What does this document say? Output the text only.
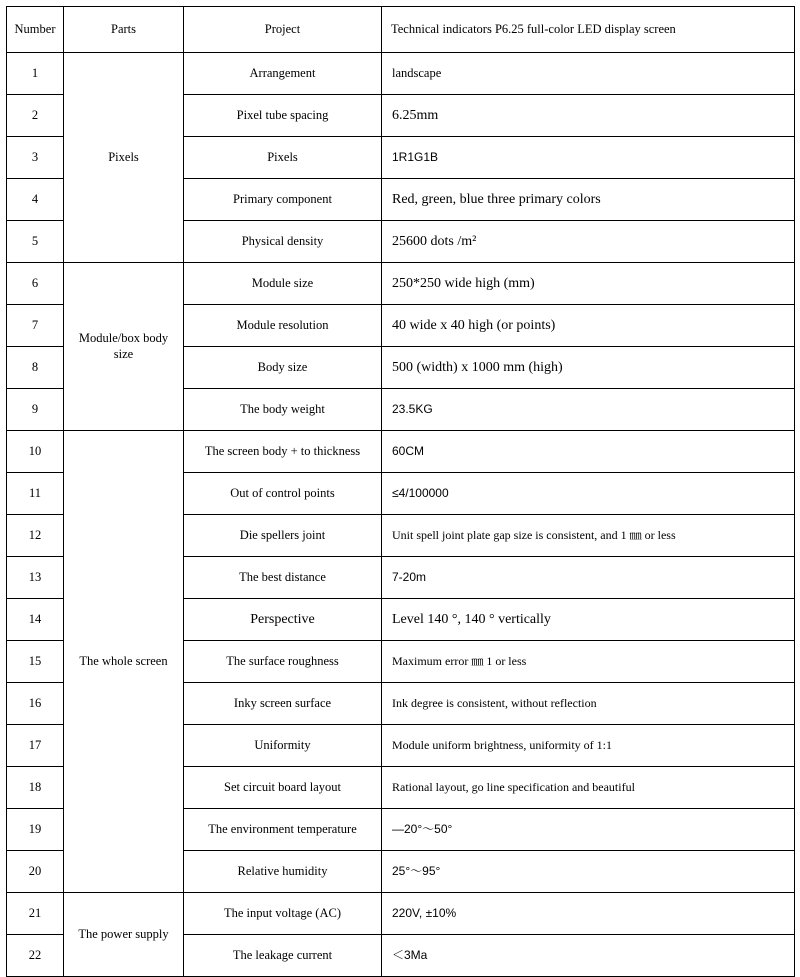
Number	Parts	Project	Technical indicators P6.25 full-color LED display screen

1	Pixels	Arrangement	landscape

2		Pixel tube spacing	6.25mm

3		Pixels	1R1G1B

4		Primary component	Red, green, blue three primary colors

5		Physical density	25600 dots /m²

6	Module/box body size	Module size	250*250 wide high (mm)

7		Module resolution	40 wide x 40 high (or points)

8		Body size	500 (width) x 1000 mm (high)

9		The body weight	23.5KG

10	The whole screen	The screen body + to thickness	60CM

11		Out of control points	≤4/100000

12		Die spellers joint	Unit spell joint plate gap size is consistent, and 1 ㎜ or less

13		The best distance	7-20m

14		Perspective	Level 140 °, 140 ° vertically

15		The surface roughness	Maximum error ㎜ 1 or less

16		Inky screen surface	Ink degree is consistent, without reflection

17		Uniformity	Module uniform brightness, uniformity of 1:1

18		Set circuit board layout	Rational layout, go line specification and beautiful

19		The environment temperature	—20°～50°

20		Relative humidity	25°～95°

21	The power supply	The input voltage (AC)	220V, ±10%

22		The leakage current	＜3Ma
